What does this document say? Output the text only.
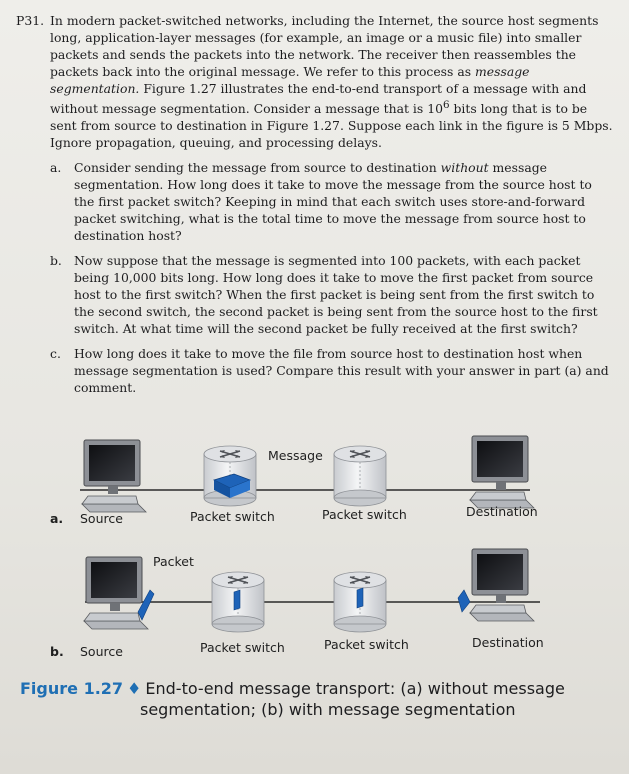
P31. In modern packet-switched networks, including the Internet, the source host segments long, application-layer messages (for example, an image or a music file) into smaller packets and sends the packets into the network. The receiver then reassembles the packets back into the original message. We refer to this process as message segmentation. Figure 1.27 illustrates the end-to-end transport of a message with and without message segmentation. Consider a message that is $10^6$ bits long that is to be sent from source to destination in Figure 1.27. Suppose each link in the figure is 5 Mbps. Ignore propagation, queuing, and processing delays.
a. Consider sending the message from source to destination without message segmentation. How long does it take to move the message from the source host to the first packet switch? Keeping in mind that each switch uses store-and-forward packet switching, what is the total time to move the message from source host to destination host?
b. Now suppose that the message is segmented into 100 packets, with each packet being 10,000 bits long. How long does it take to move the first packet from source host to the first switch? When the first packet is being sent from the first switch to the second switch, the second packet is being sent from the source host to the first switch. At what time will the second packet be fully received at the first switch?
c. How long does it take to move the file from source host to destination host when message segmentation is used? Compare this result with your answer in part (a) and comment.
Message
a. Source	Packet switch	Packet switch	Destination
Packet
b. Source	Packet switch	Packet switch	Destination
Figure 1.27 ♦ End-to-end message transport: (a) without message
segmentation; (b) with message segmentation
